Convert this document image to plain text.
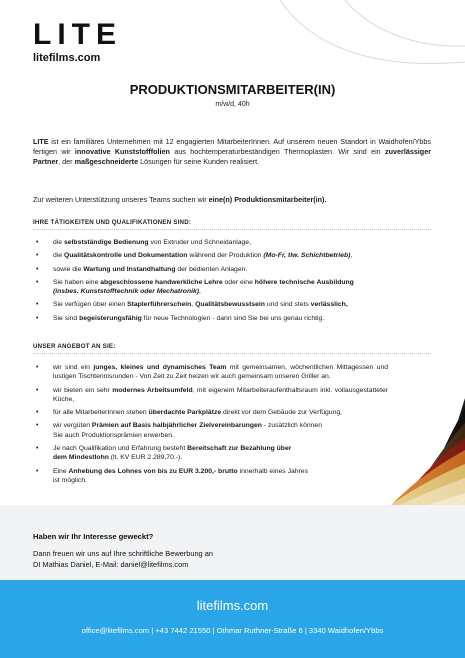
LITE
litefilms.com
PRODUKTIONSMITARBEITER(IN)
m/w/d, 40h
LITE ist ein familiäres Unternehmen mit 12 engagierten MitarbeiterInnen. Auf unserem neuen Standort in Waidhofen/Ybbs fertigen wir innovative Kunststofffolien aus hochtemperaturbeständigen Thermoplasten. Wir sind ein zuverlässiger Partner, der maßgeschneiderte Lösungen für seine Kunden realisiert.
Zur weiteren Unterstützung unseres Teams suchen wir eine(n) Produktionsmitarbeiter(in).
IHRE TÄTIGKEITEN UND QUALIFIKATIONEN SIND:
• die selbstständige Bedienung von Extruder und Schneidanlage,
• die Qualitätskontrolle und Dokumentation während der Produktion (Mo-Fr, tlw. Schichtbetrieb),
• sowie die Wartung und Instandhaltung der bedienten Anlagen.
• Sie haben eine abgeschlossene handwerkliche Lehre oder eine höhere technische Ausbildung
(insbes. Kunststofftechnik oder Mechatronik),
• Sie verfügen über einen Staplerführerschein, Qualitätsbewusstsein und sind stets verlässlich,
• Sie sind begeisterungsfähig für neue Technologien - dann sind Sie bei uns genau richtig.
UNSER ANGEBOT AN SIE:
• wir sind ein junges, kleines und dynamisches Team mit gemeinsamen, wöchentlichen Mittagessen und lustigen Tischtennisrunden - Von Zeit zu Zeit heizen wir auch gemeinsam unseren Griller an.
• wir bieten ein sehr modernes Arbeitsumfeld, mit eigenem Mitarbeiteraufenthaltsraum inkl. vollausgestatteter Küche,
• für alle MitarbeiterInnen stehen überdachte Parkplätze direkt vor dem Gebäude zur Verfügung,
• wir vergüten Prämien auf Basis halbjährlicher Zielvereinbarungen - zusätzlich können
Sie auch Produktionsprämien erwerben.
• Je nach Qualifikation und Erfahrung besteht Bereitschaft zur Bezahlung über
dem Mindestlohn (lt. KV EUR 2.289,70.-).
• Eine Anhebung des Lohnes von bis zu EUR 3.200,- brutto innerhalb eines Jahres
ist möglich.
Haben wir Ihr Interesse geweckt?
Dann freuen wir uns auf Ihre schriftliche Bewerbung an
DI Mathias Daniel, E-Mail: daniel@litefilms.com
litefilms.com
office@litefilms.com | +43 7442 21550 | Othmar Ruthner-Straße 6 | 3340 Waidhofen/Ybbs
